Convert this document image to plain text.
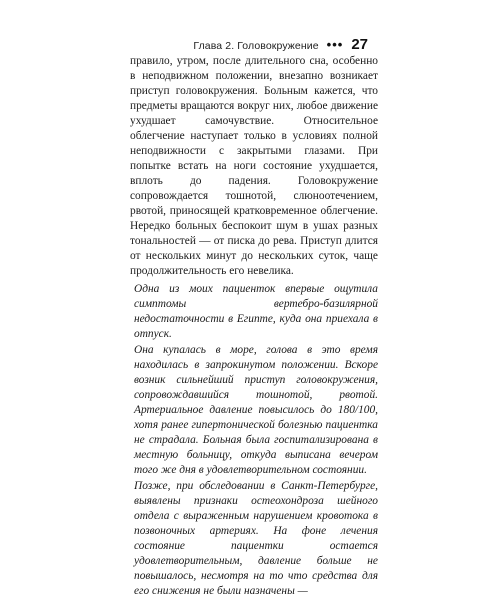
Глава 2. Головокружение ••• 27

правило, утром, после длительного сна, особенно в неподвижном положении, внезапно возникает приступ головокружения. Больным кажется, что предметы вращаются вокруг них, любое движение ухудшает самочувствие. Относительное облегчение наступает только в условиях полной неподвижности с закрытыми глазами. При попытке встать на ноги состояние ухудшается, вплоть до падения. Головокружение сопровождается тошнотой, слюноотечением, рвотой, приносящей кратковременное облегчение. Нередко больных беспокоит шум в ушах разных тональностей — от писка до рева. Приступ длится от нескольких минут до нескольких суток, чаще продолжительность его невелика.

Одна из моих пациенток впервые ощутила симптомы вертебро-базилярной недостаточности в Египте, куда она приехала в отпуск.

Она купалась в море, голова в это время находилась в запрокинутом положении. Вскоре возник сильнейший приступ головокружения, сопровождавшийся тошнотой, рвотой. Артериальное давление повысилось до 180/100, хотя ранее гипертонической болезнью пациентка не страдала. Больная была госпитализирована в местную больницу, откуда выписана вечером того же дня в удовлетворительном состоянии.

Позже, при обследовании в Санкт-Петербурге, выявлены признаки остеохондроза шейного отдела с выраженным нарушением кровотока в позвоночных артериях. На фоне лечения состояние пациентки остается удовлетворительным, давление больше не повышалось, несмотря на то что средства для его снижения не были назначены —
